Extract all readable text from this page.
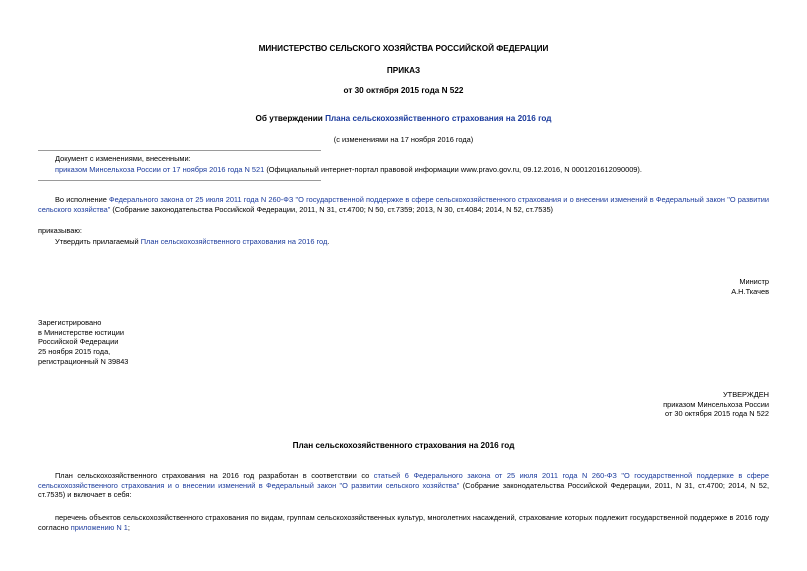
МИНИСТЕРСТВО СЕЛЬСКОГО ХОЗЯЙСТВА РОССИЙСКОЙ ФЕДЕРАЦИИ
ПРИКАЗ
от 30 октября 2015 года N 522
Об утверждении Плана сельскохозяйственного страхования на 2016 год
(с изменениями на 17 ноября 2016 года)
Документ с изменениями, внесенными:
приказом Минсельхоза России от 17 ноября 2016 года N 521 (Официальный интернет-портал правовой информации www.pravo.gov.ru, 09.12.2016, N 0001201612090009).
Во исполнение Федерального закона от 25 июля 2011 года N 260-ФЗ "О государственной поддержке в сфере сельскохозяйственного страхования и о внесении изменений в Федеральный закон "О развитии сельского хозяйства" (Собрание законодательства Российской Федерации, 2011, N 31, ст.4700; N 50, ст.7359; 2013, N 30, ст.4084; 2014, N 52, ст.7535)
приказываю:
Утвердить прилагаемый План сельскохозяйственного страхования на 2016 год.
Министр
А.Н.Ткачев
Зарегистрировано
в Министерстве юстиции
Российской Федерации
25 ноября 2015 года,
регистрационный N 39843
УТВЕРЖДЕН
приказом Минсельхоза России
от 30 октября 2015 года N 522
План сельскохозяйственного страхования на 2016 год
План сельскохозяйственного страхования на 2016 год разработан в соответствии со статьей 6 Федерального закона от 25 июля 2011 года N 260-ФЗ "О государственной поддержке в сфере сельскохозяйственного страхования и о внесении изменений в Федеральный закон "О развитии сельского хозяйства" (Собрание законодательства Российской Федерации, 2011, N 31, ст.4700; 2014, N 52, ст.7535) и включает в себя:
перечень объектов сельскохозяйственного страхования по видам, группам сельскохозяйственных культур, многолетних насаждений, страхование которых подлежит государственной поддержке в 2016 году согласно приложению N 1;
